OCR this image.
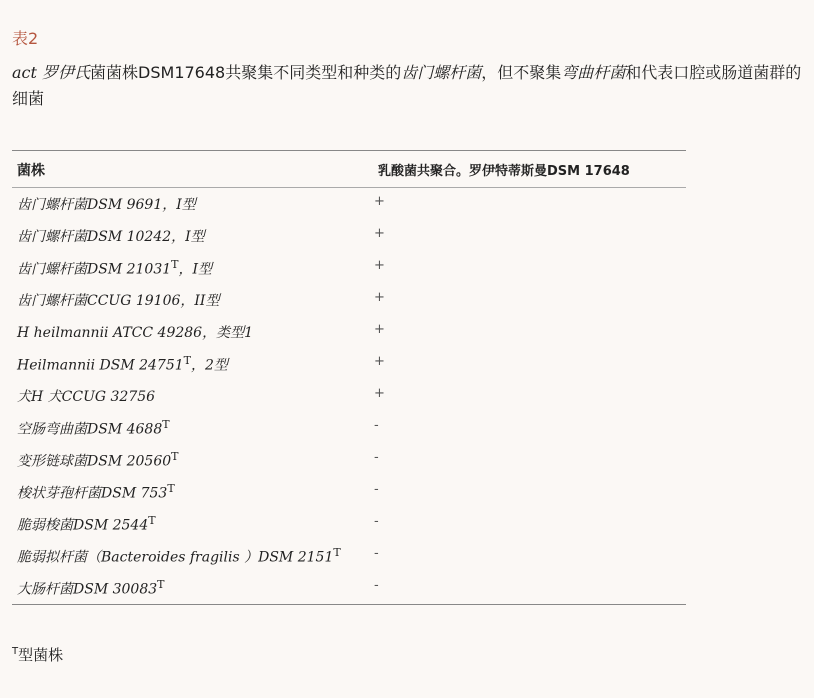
表2
act 罗伊氏菌菌株DSM17648共聚集不同类型和种类的齿门螺杆菌，但不聚集弯曲杆菌和代表口腔或肠道菌群的细菌
菌株	乳酸菌共聚合。罗伊特蒂斯曼DSM 17648
齿门螺杆菌DSM 9691，I型	+
齿门螺杆菌DSM 10242，I型	+
齿门螺杆菌DSM $21031^T$，I型	+
齿门螺杆菌CCUG 19106，II型	+
H heilmannii ATCC 49286，类型1	+
Heilmannii DSM $24751^T$，2型	+
犬H 犬CCUG 32756	+
空肠弯曲菌DSM $4688^T$	-
变形链球菌DSM $20560^T$	-
梭状芽孢杆菌DSM $753^T$	-
脆弱梭菌DSM $2544^T$	-
脆弱拟杆菌（Bacteroides fragilis ）DSM $2151^T$	-
大肠杆菌DSM $30083^T$	-
$^T$型菌株
